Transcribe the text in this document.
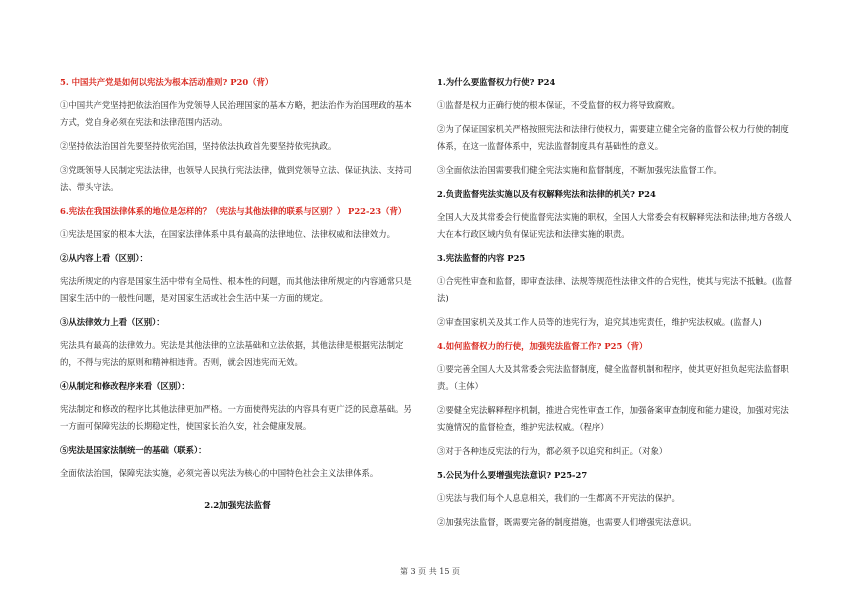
5. 中国共产党是如何以宪法为根本活动准则? P20（背）
①中国共产党坚持把依法治国作为党领导人民治理国家的基本方略，把法治作为治国理政的基本方式，党自身必须在宪法和法律范围内活动。
②坚持依法治国首先要坚持依宪治国，坚持依法执政首先要坚持依宪执政。
③党既领导人民制定宪法法律，也领导人民执行宪法法律，做到党领导立法、保证执法、支持司法、带头守法。
6.宪法在我国法律体系的地位是怎样的？（宪法与其他法律的联系与区别？） P22-23（背）
①宪法是国家的根本大法，在国家法律体系中具有最高的法律地位、法律权威和法律效力。
②从内容上看（区别）：
宪法所规定的内容是国家生活中带有全局性、根本性的问题，而其他法律所规定的内容通常只是国家生活中的一般性问题，是对国家生活或社会生活中某一方面的规定。
③从法律效力上看（区别）：
宪法具有最高的法律效力。宪法是其他法律的立法基础和立法依据，其他法律是根据宪法制定的，不得与宪法的原则和精神相违背。否则，就会因违宪而无效。
④从制定和修改程序来看（区别）：
宪法制定和修改的程序比其他法律更加严格。一方面使得宪法的内容具有更广泛的民意基础。另一方面可保障宪法的长期稳定性，使国家长治久安，社会健康发展。
⑤宪法是国家法制统一的基础（联系）：
全面依法治国，保障宪法实施，必须完善以宪法为核心的中国特色社会主义法律体系。
2.2加强宪法监督
1.为什么要监督权力行使? P24
①监督是权力正确行使的根本保证，不受监督的权力将导致腐败。
②为了保证国家机关严格按照宪法和法律行使权力，需要建立健全完备的监督公权力行使的制度体系，在这一监督体系中，宪法监督制度具有基础性的意义。
③全面依法治国需要我们健全宪法实施和监督制度，不断加强宪法监督工作。
2.负责监督宪法实施以及有权解释宪法和法律的机关? P24
全国人大及其常委会行使监督宪法实施的职权，全国人大常委会有权解释宪法和法律;地方各级人大在本行政区域内负有保证宪法和法律实施的职责。
3.宪法监督的内容 P25
①合宪性审查和监督，即审查法律、法规等规范性法律文件的合宪性，使其与宪法不抵触。(监督法)
②审查国家机关及其工作人员等的违宪行为，追究其违宪责任，维护宪法权威。(监督人)
4.如何监督权力的行使，加强宪法监督工作? P25（背）
①要完善全国人大及其常委会宪法监督制度，健全监督机制和程序，使其更好担负起宪法监督职责。（主体）
②要健全宪法解释程序机制，推进合宪性审查工作，加强备案审查制度和能力建设，加强对宪法实施情况的监督检查，维护宪法权威。（程序）
③对于各种违反宪法的行为，都必须予以追究和纠正。（对象）
5.公民为什么要增强宪法意识? P25-27
①宪法与我们每个人息息相关，我们的一生都离不开宪法的保护。
②加强宪法监督，既需要完备的制度措施，也需要人们增强宪法意识。
第 3 页 共 15 页
